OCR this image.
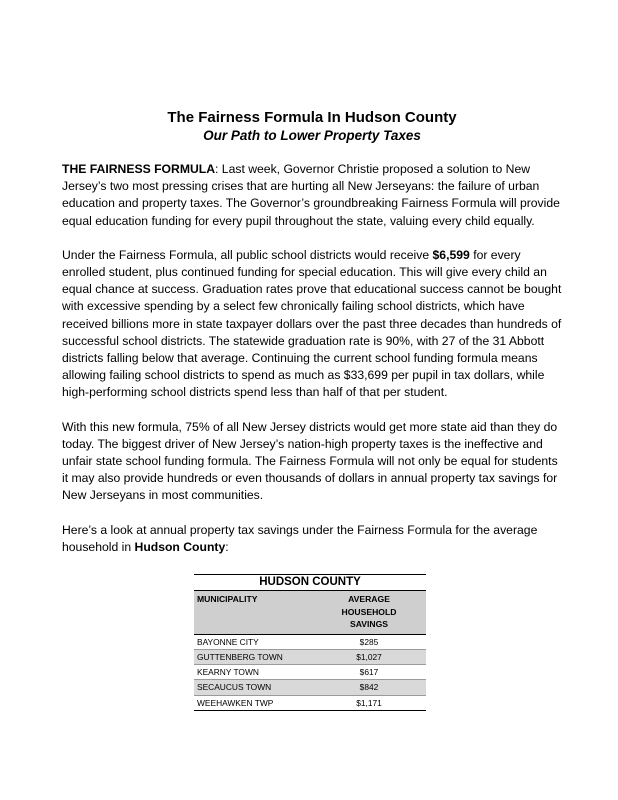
The Fairness Formula In Hudson County
Our Path to Lower Property Taxes

THE FAIRNESS FORMULA: Last week, Governor Christie proposed a solution to New Jersey’s two most pressing crises that are hurting all New Jerseyans: the failure of urban education and property taxes. The Governor’s groundbreaking Fairness Formula will provide equal education funding for every pupil throughout the state, valuing every child equally.

Under the Fairness Formula, all public school districts would receive $6,599 for every enrolled student, plus continued funding for special education. This will give every child an equal chance at success. Graduation rates prove that educational success cannot be bought with excessive spending by a select few chronically failing school districts, which have received billions more in state taxpayer dollars over the past three decades than hundreds of successful school districts. The statewide graduation rate is 90%, with 27 of the 31 Abbott districts falling below that average. Continuing the current school funding formula means allowing failing school districts to spend as much as $33,699 per pupil in tax dollars, while high-performing school districts spend less than half of that per student.

With this new formula, 75% of all New Jersey districts would get more state aid than they do today. The biggest driver of New Jersey’s nation-high property taxes is the ineffective and unfair state school funding formula. The Fairness Formula will not only be equal for students it may also provide hundreds or even thousands of dollars in annual property tax savings for New Jerseyans in most communities.

Here’s a look at annual property tax savings under the Fairness Formula for the average household in Hudson County:

HUDSON COUNTY	
MUNICIPALITY	AVERAGE
HOUSEHOLD
SAVINGS

BAYONNE CITY	$285
GUTTENBERG TOWN	$1,027
KEARNY TOWN	$617
SECAUCUS TOWN	$842
WEEHAWKEN TWP	$1,171
